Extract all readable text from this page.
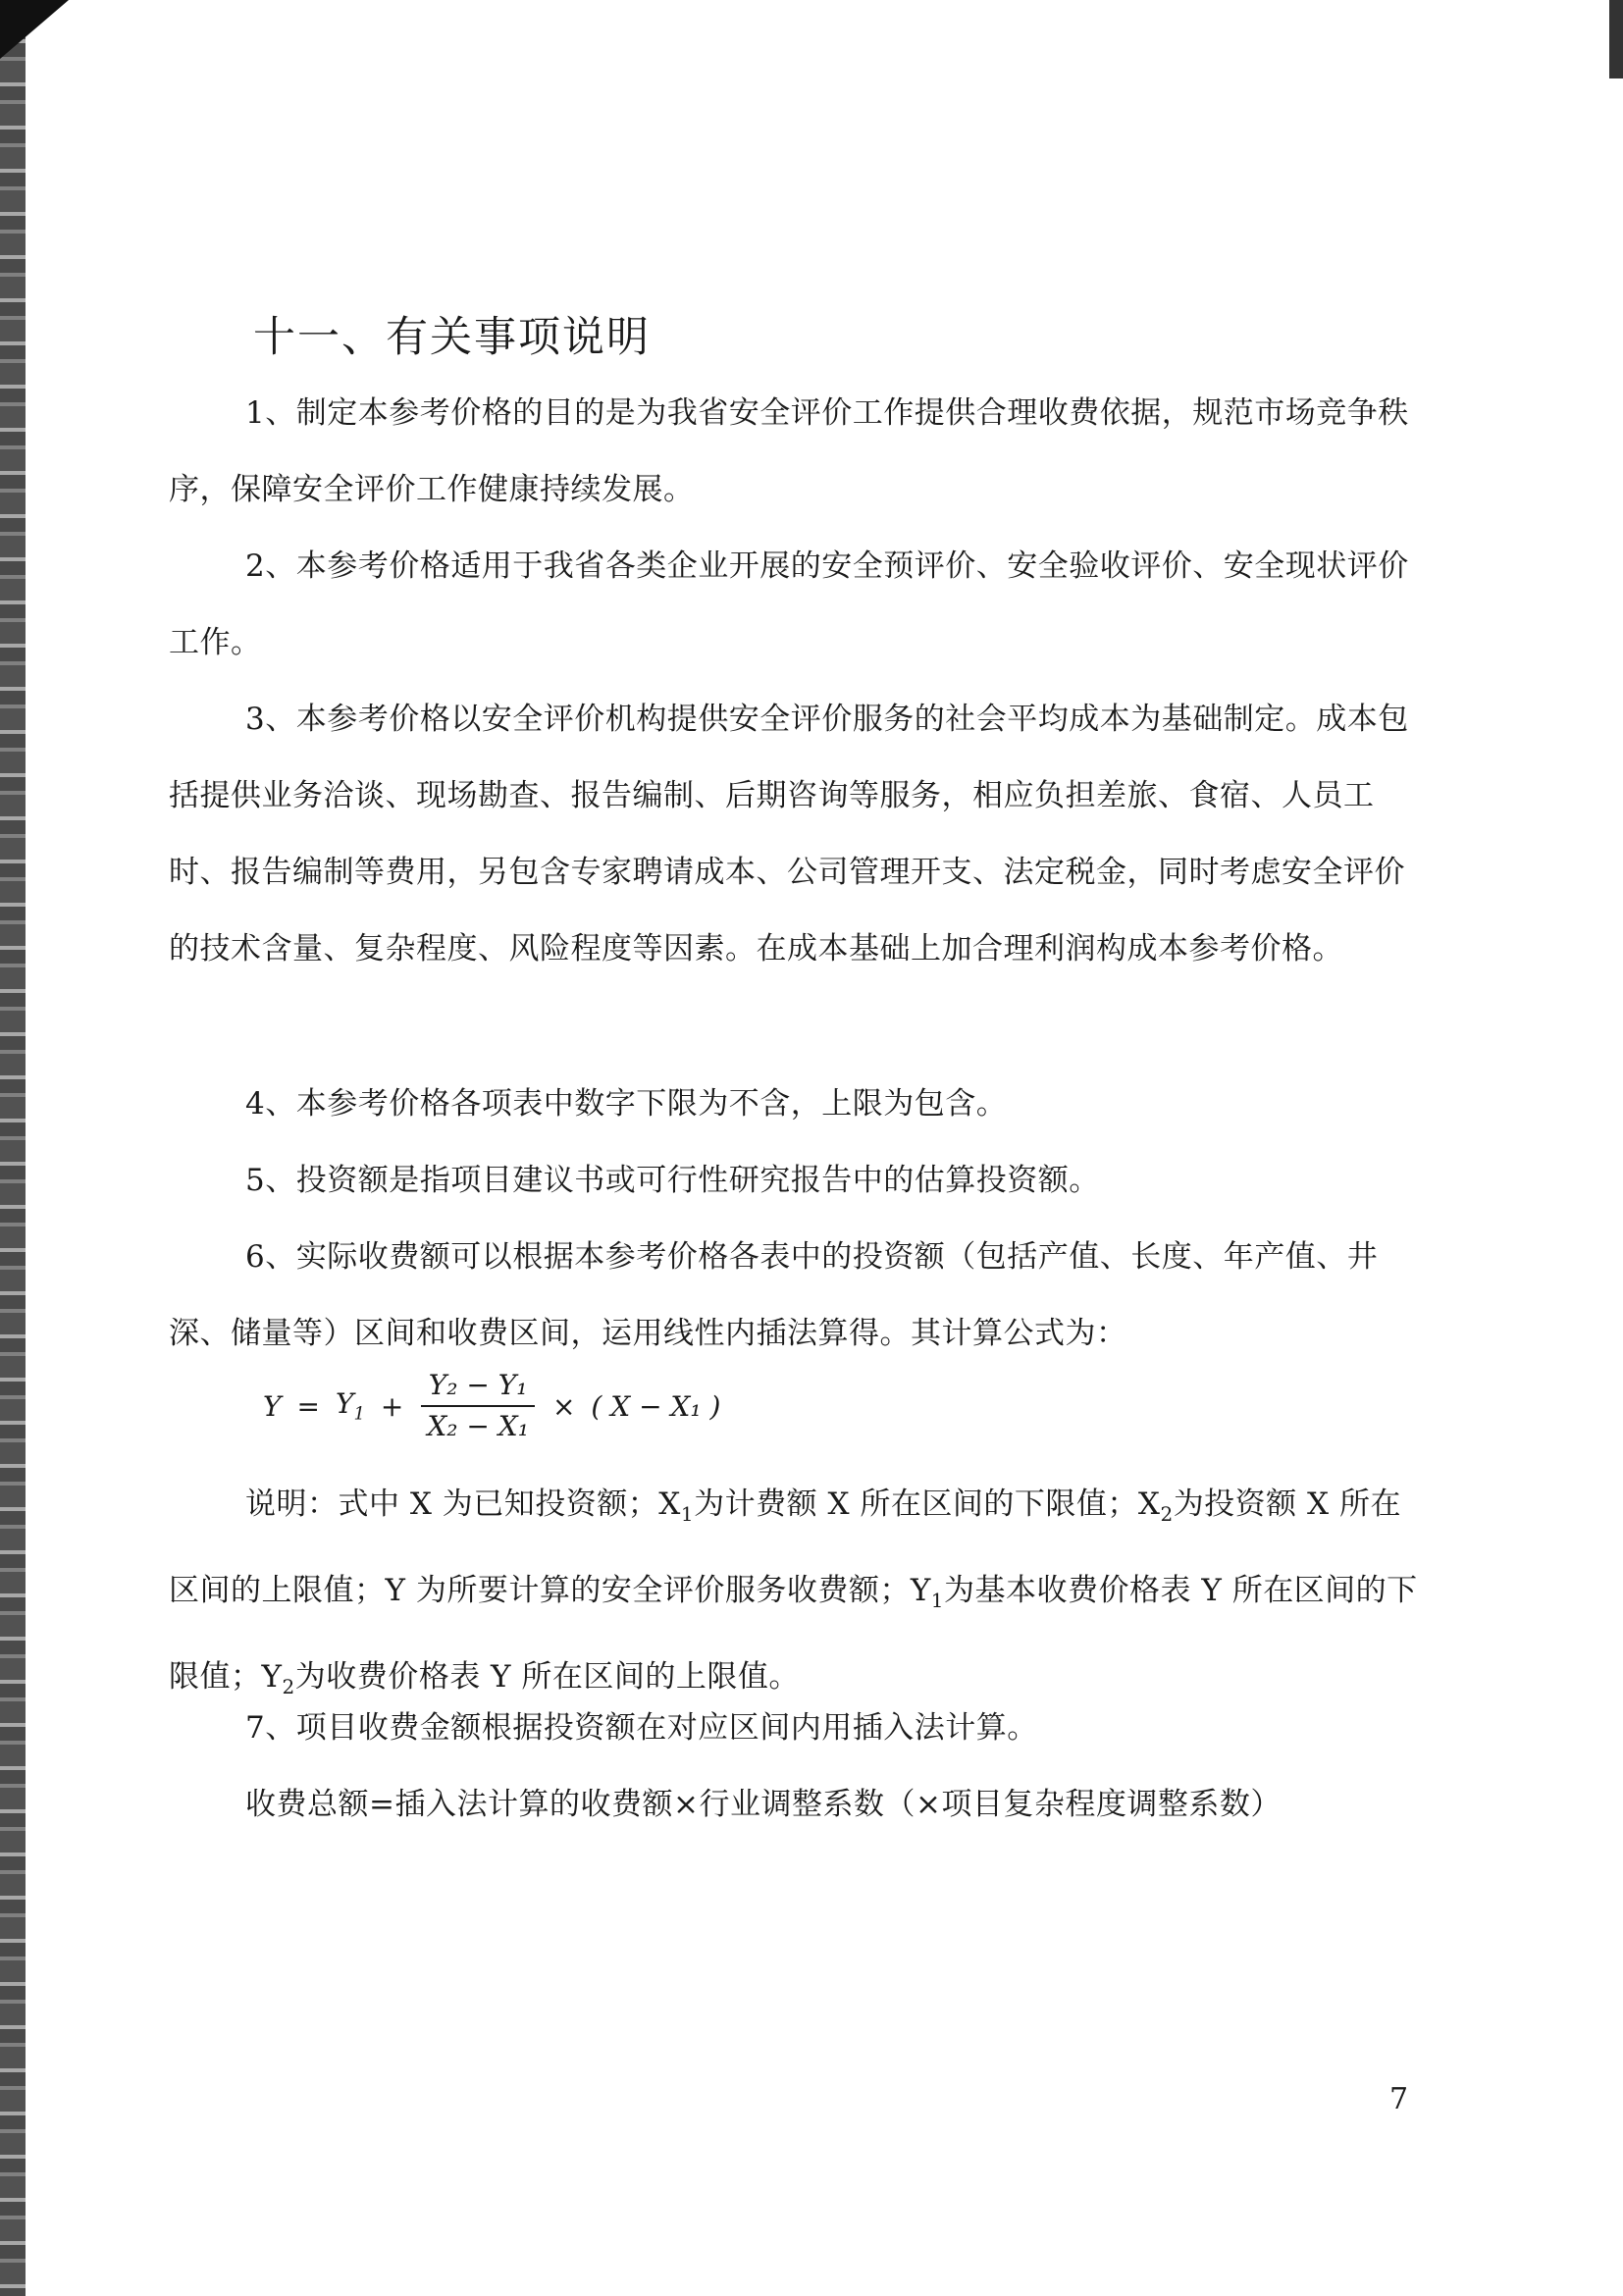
十一、有关事项说明

1、制定本参考价格的目的是为我省安全评价工作提供合理收费依据，规范市场竞争秩序，保障安全评价工作健康持续发展。

2、本参考价格适用于我省各类企业开展的安全预评价、安全验收评价、安全现状评价工作。

3、本参考价格以安全评价机构提供安全评价服务的社会平均成本为基础制定。成本包括提供业务洽谈、现场勘查、报告编制、后期咨询等服务，相应负担差旅、食宿、人员工时、报告编制等费用，另包含专家聘请成本、公司管理开支、法定税金，同时考虑安全评价的技术含量、复杂程度、风险程度等因素。在成本基础上加合理利润构成本参考价格。

4、本参考价格各项表中数字下限为不含，上限为包含。

5、投资额是指项目建议书或可行性研究报告中的估算投资额。

6、实际收费额可以根据本参考价格各表中的投资额（包括产值、长度、年产值、井深、储量等）区间和收费区间，运用线性内插法算得。其计算公式为：

$Y = Y_1 + \frac{\text{Y₂ − Y₁}}{\text{X₂ − X₁}}$ × ( X − X₁ )

说明：式中 X 为已知投资额；$X_1$为计费额 X 所在区间的下限值；$X_2$为投资额 X 所在区间的上限值；Y 为所要计算的安全评价服务收费额；$Y_1$为基本收费价格表 Y 所在区间的下限值；$Y_2$为收费价格表 Y 所在区间的上限值。

7、项目收费金额根据投资额在对应区间内用插入法计算。

收费总额=插入法计算的收费额×行业调整系数（×项目复杂程度调整系数）

7
